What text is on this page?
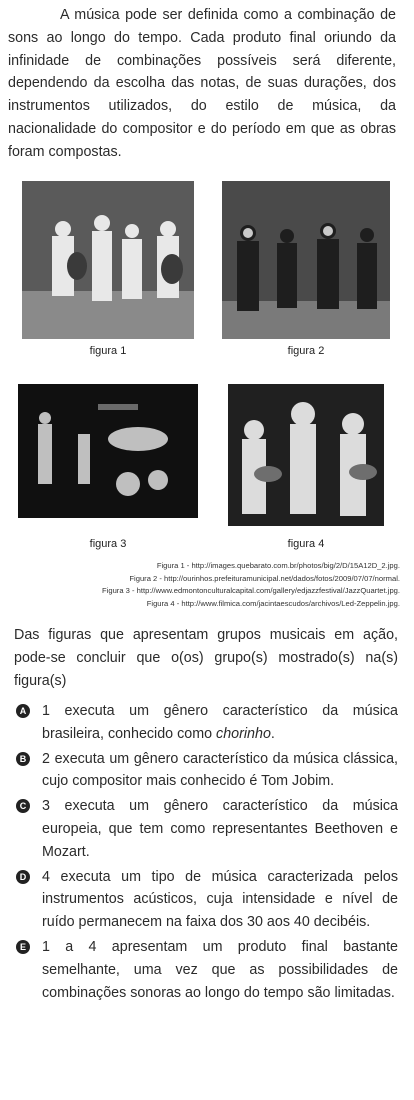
A música pode ser definida como a combinação de sons ao longo do tempo. Cada produto final oriundo da infinidade de combinações possíveis será diferente, dependendo da escolha das notas, de suas durações, dos instrumentos utilizados, do estilo de música, da nacionalidade do compositor e do período em que as obras foram compostas.

figura 1	figura 2
figura 3	figura 4
Figura 1 - http://images.quebarato.com.br/photos/big/2/D/15A12D_2.jpg.
Figura 2 - http://ourinhos.prefeituramunicipal.net/dados/fotos/2009/07/07/normal.
Figura 3 - http://www.edmontonculturalcapital.com/gallery/edjazzfestival/JazzQuartet.jpg.
Figura 4 - http://www.filmica.com/jacintaescudos/archivos/Led-Zeppelin.jpg.

Das figuras que apresentam grupos musicais em ação, pode-se concluir que o(os) grupo(s) mostrado(s) na(s) figura(s)

A 1 executa um gênero característico da música brasileira, conhecido como chorinho.
B 2 executa um gênero característico da música clássica, cujo compositor mais conhecido é Tom Jobim.
C 3 executa um gênero característico da música europeia, que tem como representantes Beethoven e Mozart.
D 4 executa um tipo de música caracterizada pelos instrumentos acústicos, cuja intensidade e nível de ruído permanecem na faixa dos 30 aos 40 decibéis.
E 1 a 4 apresentam um produto final bastante semelhante, uma vez que as possibilidades de combinações sonoras ao longo do tempo são limitadas.
